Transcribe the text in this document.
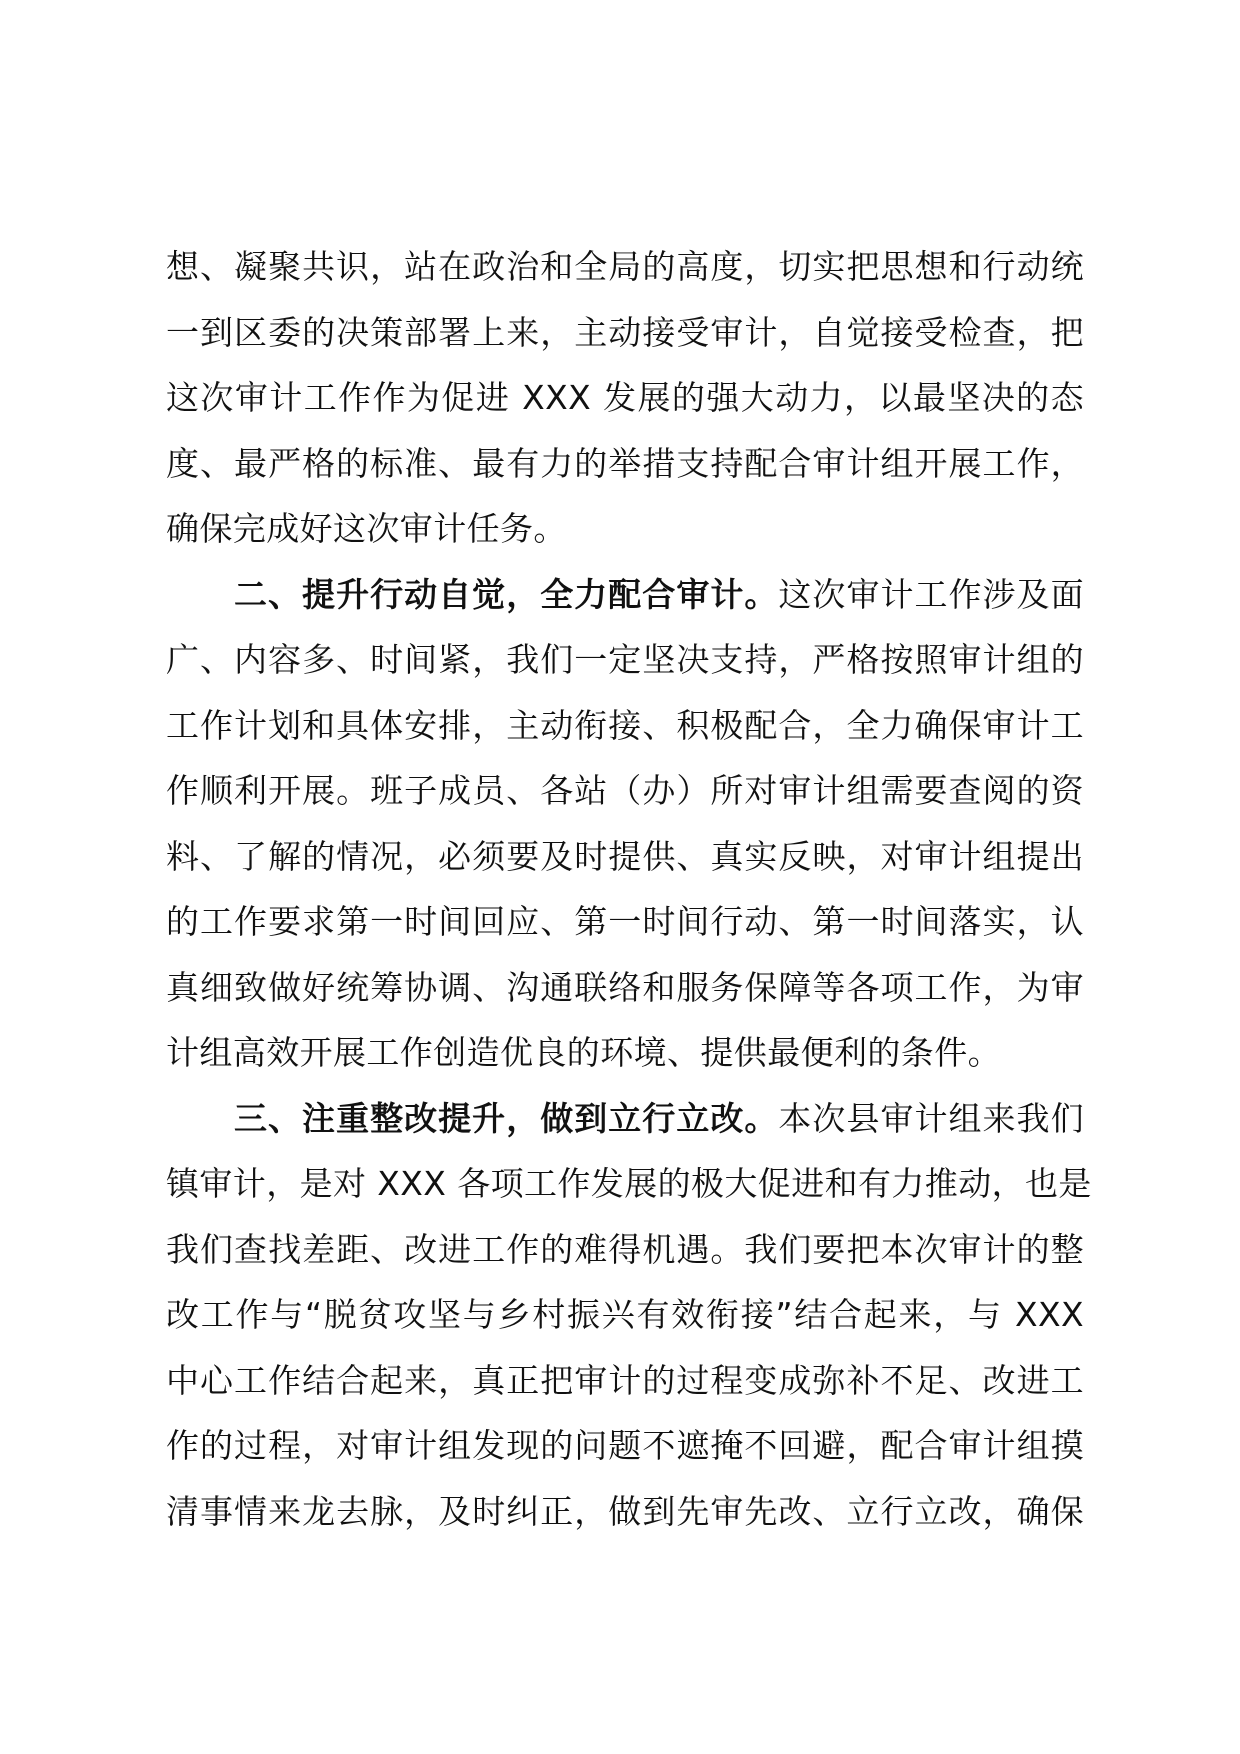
想、凝聚共识，站在政治和全局的高度，切实把思想和行动统
一到区委的决策部署上来，主动接受审计，自觉接受检查，把
这次审计工作作为促进 XXX 发展的强大动力，以最坚决的态
度、最严格的标准、最有力的举措支持配合审计组开展工作，
确保完成好这次审计任务。
二、提升行动自觉，全力配合审计。这次审计工作涉及面
广、内容多、时间紧，我们一定坚决支持，严格按照审计组的
工作计划和具体安排，主动衔接、积极配合，全力确保审计工
作顺利开展。班子成员、各站（办）所对审计组需要查阅的资
料、了解的情况，必须要及时提供、真实反映，对审计组提出
的工作要求第一时间回应、第一时间行动、第一时间落实，认
真细致做好统筹协调、沟通联络和服务保障等各项工作，为审
计组高效开展工作创造优良的环境、提供最便利的条件。
三、注重整改提升，做到立行立改。本次县审计组来我们
镇审计，是对 XXX 各项工作发展的极大促进和有力推动，也是
我们查找差距、改进工作的难得机遇。我们要把本次审计的整
改工作与“脱贫攻坚与乡村振兴有效衔接”结合起来，与 XXX
中心工作结合起来，真正把审计的过程变成弥补不足、改进工
作的过程，对审计组发现的问题不遮掩不回避，配合审计组摸
清事情来龙去脉，及时纠正，做到先审先改、立行立改，确保
